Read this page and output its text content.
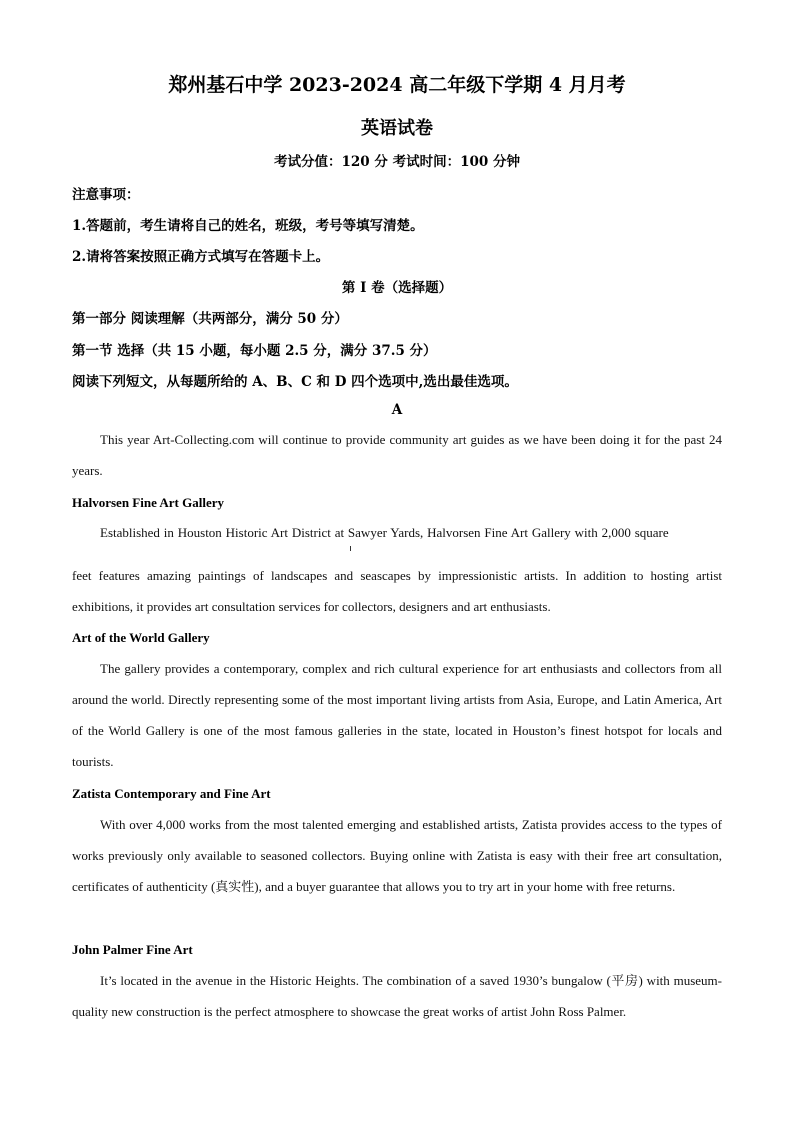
郑州基石中学 2023-2024 高二年级下学期 4 月月考
英语试卷
考试分值：120 分 考试时间：100 分钟
注意事项：
1.答题前，考生请将自己的姓名，班级，考号等填写清楚。
2.请将答案按照正确方式填写在答题卡上。
第 I 卷（选择题）
第一部分 阅读理解（共两部分，满分 50 分）
第一节 选择（共 15 小题，每小题 2.5 分，满分 37.5 分）
阅读下列短文，从每题所给的 A、B、C 和 D 四个选项中,选出最佳选项。
A
This year Art-Collecting.com will continue to provide community art guides as we have been doing it for the past 24 years.
Halvorsen Fine Art Gallery
Established in Houston Historic Art District at Sawyer Yards, Halvorsen Fine Art Gallery with 2,000 square
feet features amazing paintings of landscapes and seascapes by impressionistic artists. In addition to hosting artist exhibitions, it provides art consultation services for collectors, designers and art enthusiasts.
Art of the World Gallery
The gallery provides a contemporary, complex and rich cultural experience for art enthusiasts and collectors from all around the world. Directly representing some of the most important living artists from Asia, Europe, and Latin America, Art of the World Gallery is one of the most famous galleries in the state, located in Houston’s finest hotspot for locals and tourists.
Zatista Contemporary and Fine Art
With over 4,000 works from the most talented emerging and established artists, Zatista provides access to the types of works previously only available to seasoned collectors. Buying online with Zatista is easy with their free art consultation, certificates of authenticity (真实性), and a buyer guarantee that allows you to try art in your home with free returns.
John Palmer Fine Art
It’s located in the avenue in the Historic Heights. The combination of a saved 1930’s bungalow (平房) with museum-quality new construction is the perfect atmosphere to showcase the great works of artist John Ross Palmer.
